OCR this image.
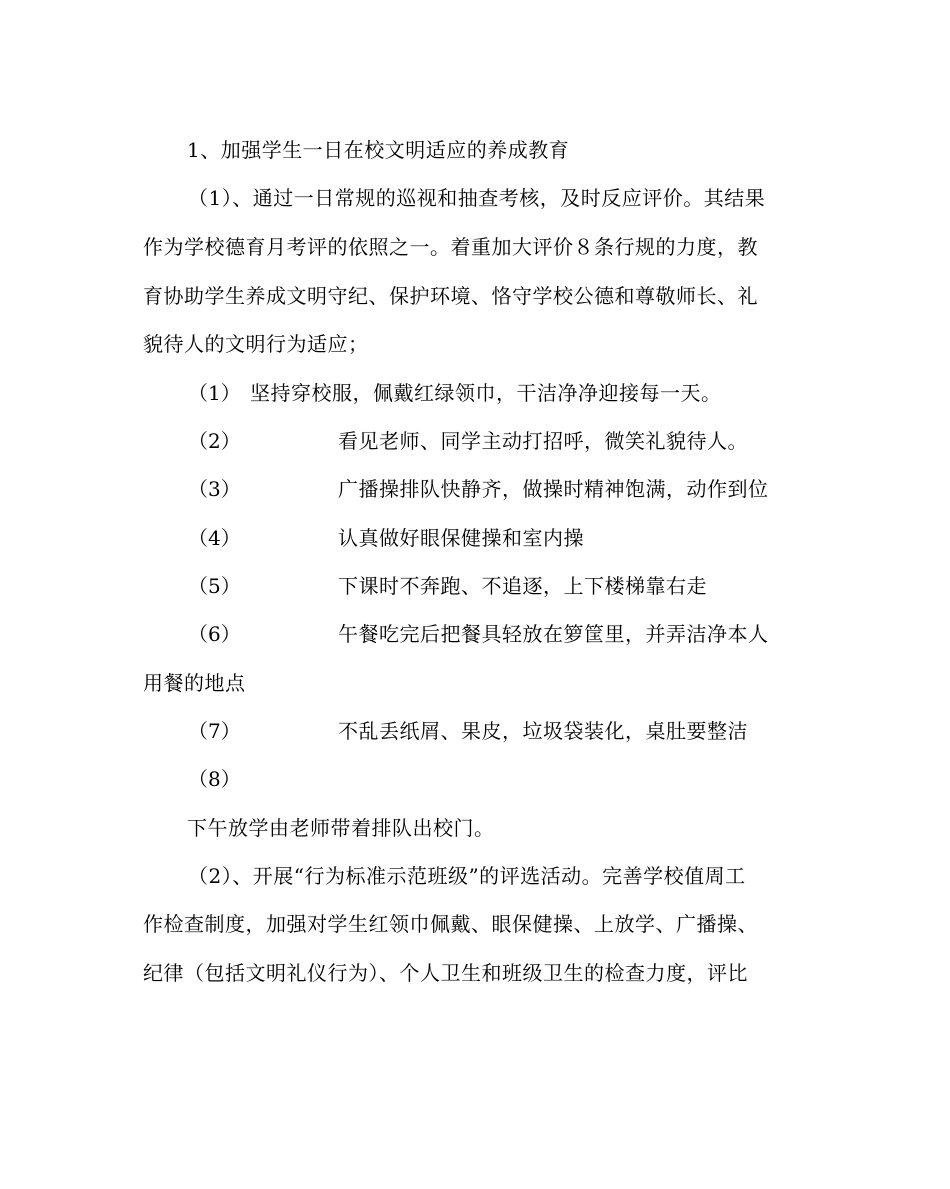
1、加强学生一日在校文明适应的养成教育
（1）、通过一日常规的巡视和抽查考核，及时反应评价。其结果
作为学校德育月考评的依照之一。着重加大评价８条行规的力度，教
育协助学生养成文明守纪、保护环境、恪守学校公德和尊敬师长、礼
貌待人的文明行为适应；
（1） 坚持穿校服，佩戴红绿领巾，干洁净净迎接每一天。
（2）	看见老师、同学主动打招呼，微笑礼貌待人。
（3）	广播操排队快静齐，做操时精神饱满，动作到位
（4）	认真做好眼保健操和室内操
（5）	下课时不奔跑、不追逐，上下楼梯靠右走
（6）	午餐吃完后把餐具轻放在箩筐里，并弄洁净本人
用餐的地点
（7）	不乱丢纸屑、果皮，垃圾袋装化，桌肚要整洁
（8）
下午放学由老师带着排队出校门。
（2）、开展“行为标准示范班级”的评选活动。完善学校值周工
作检查制度，加强对学生红领巾佩戴、眼保健操、上放学、广播操、
纪律（包括文明礼仪行为）、个人卫生和班级卫生的检查力度，评比
